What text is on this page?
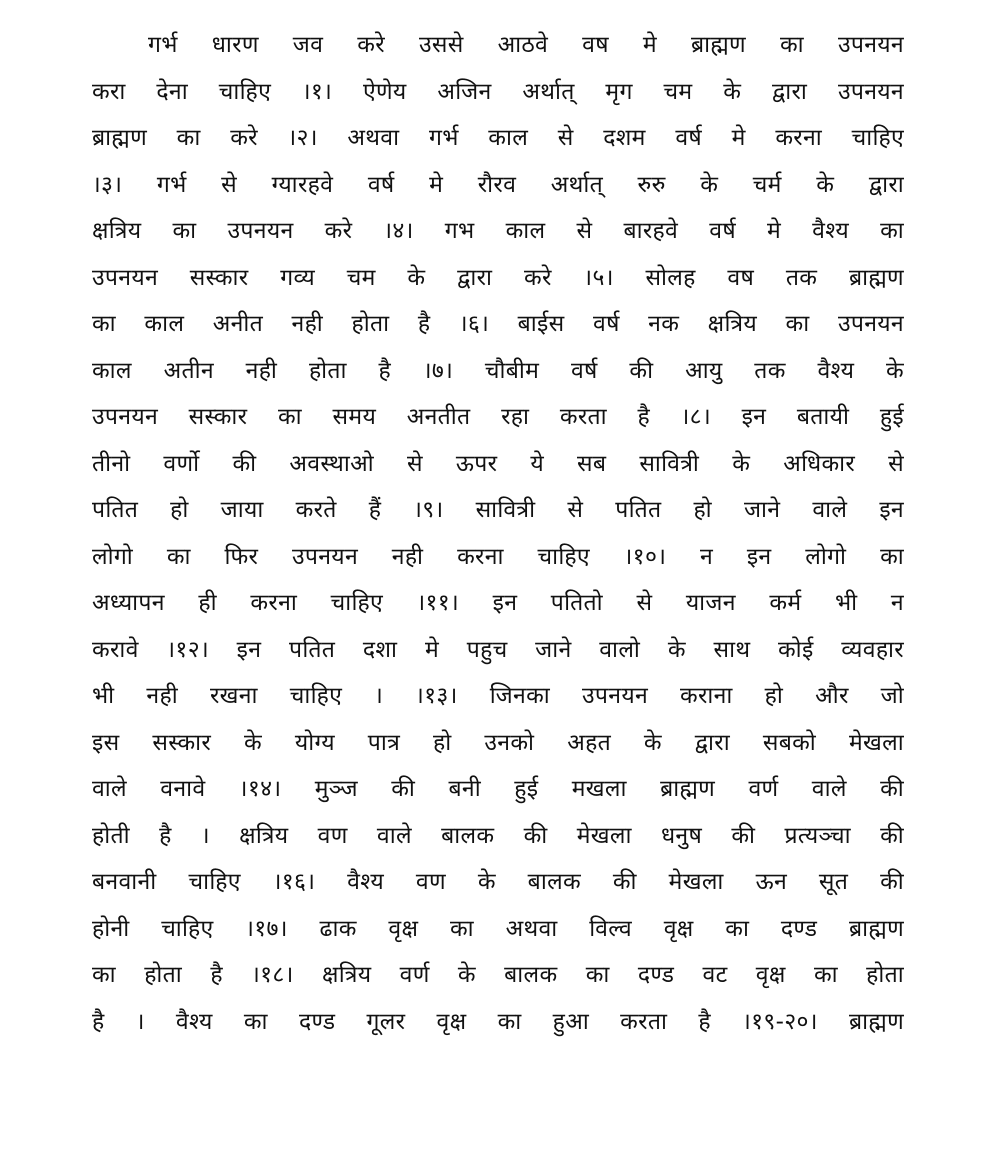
गर्भ धारण जव करे उससे आठवे वष मे ब्राह्मण का उपनयन
करा देना चाहिए ।१। ऐणेय अजिन अर्थात् मृग चम के द्वारा उपनयन
ब्राह्मण का करे ।२। अथवा गर्भ काल से दशम वर्ष मे करना चाहिए
।३। गर्भ से ग्यारहवे वर्ष मे रौरव अर्थात् रुरु के चर्म के द्वारा
क्षत्रिय का उपनयन करे ।४। गभ काल से बारहवे वर्ष मे वैश्य का
उपनयन सस्कार गव्य चम के द्वारा करे ।५। सोलह वष तक ब्राह्मण
का काल अनीत नही होता है ।६। बाईस वर्ष नक क्षत्रिय का उपनयन
काल अतीन नही होता है ।७। चौबीम वर्ष की आयु तक वैश्य के
उपनयन सस्कार का समय अनतीत रहा करता है ।८। इन बतायी हुई
तीनो वर्णो की अवस्थाओ से ऊपर ये सब सावित्री के अधिकार से
पतित हो जाया करते हैं ।९। सावित्री से पतित हो जाने वाले इन
लोगो का फिर उपनयन नही करना चाहिए ।१०। न इन लोगो का
अध्यापन ही करना चाहिए ।११। इन पतितो से याजन कर्म भी न
करावे ।१२। इन पतित दशा मे पहुच जाने वालो के साथ कोई व्यवहार
भी नही रखना चाहिए । ।१३। जिनका उपनयन कराना हो और जो
इस सस्कार के योग्य पात्र हो उनको अहत के द्वारा सबको मेखला
वाले वनावे ।१४। मुञ्ज की बनी हुई मखला ब्राह्मण वर्ण वाले की
होती है । क्षत्रिय वण वाले बालक की मेखला धनुष की प्रत्यञ्चा की
बनवानी चाहिए ।१६। वैश्य वण के बालक की मेखला ऊन सूत की
होनी चाहिए ।१७। ढाक वृक्ष का अथवा विल्व वृक्ष का दण्ड ब्राह्मण
का होता है ।१८। क्षत्रिय वर्ण के बालक का दण्ड वट वृक्ष का होता
है । वैश्य का दण्ड गूलर वृक्ष का हुआ करता है ।१९-२०। ब्राह्मण
